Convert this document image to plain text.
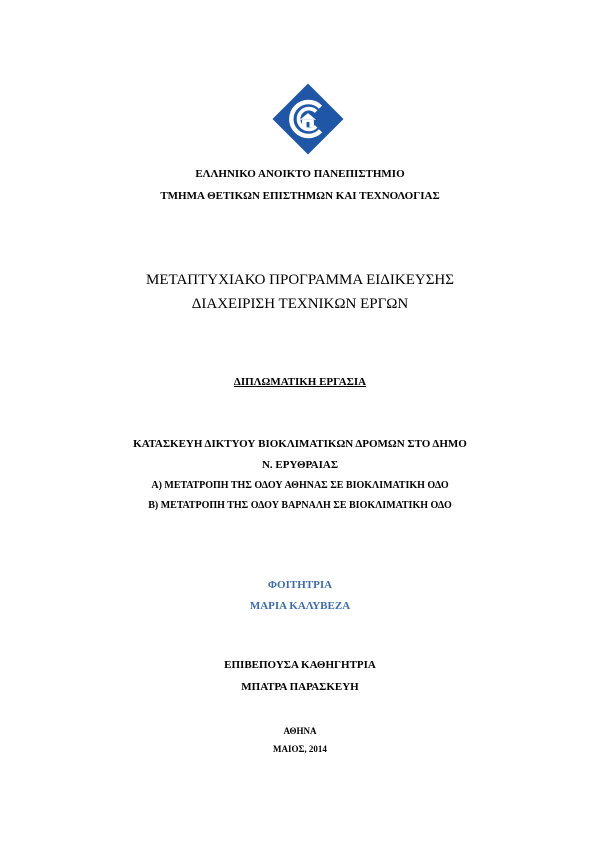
ΕΛΛΗΝΙΚΟ ΑΝΟΙΚΤΟ ΠΑΝΕΠΙΣΤΗΜΙΟ
ΤΜΗΜΑ ΘΕΤΙΚΩΝ ΕΠΙΣΤΗΜΩΝ ΚΑΙ ΤΕΧΝΟΛΟΓΙΑΣ
ΜΕΤΑΠΤΥΧΙΑΚΟ ΠΡΟΓΡΑΜΜΑ ΕΙΔΙΚΕΥΣΗΣ
ΔΙΑΧΕΙΡΙΣΗ ΤΕΧΝΙΚΩΝ ΕΡΓΩΝ
ΔΙΠΛΩΜΑΤΙΚΗ ΕΡΓΑΣΙΑ
ΚΑΤΑΣΚΕΥΗ ΔΙΚΤΥΟΥ ΒΙΟΚΛΙΜΑΤΙΚΩΝ ΔΡΟΜΩΝ ΣΤΟ ΔΗΜΟ
Ν. ΕΡΥΘΡΑΙΑΣ
Α) ΜΕΤΑΤΡΟΠΗ ΤΗΣ ΟΔΟΥ ΑΘΗΝΑΣ ΣΕ ΒΙΟΚΛΙΜΑΤΙΚΗ ΟΔΟ
Β) ΜΕΤΑΤΡΟΠΗ ΤΗΣ ΟΔΟΥ ΒΑΡΝΑΛΗ ΣΕ ΒΙΟΚΛΙΜΑΤΙΚΗ ΟΔΟ
ΦΟΙΤΗΤΡΙΑ
ΜΑΡΙΑ ΚΑΛΥΒΕΖΑ
ΕΠΙΒΕΠΟΥΣΑ ΚΑΘΗΓΗΤΡΙΑ
ΜΠΑΤΡΑ ΠΑΡΑΣΚΕΥΗ
ΑΘΗΝΑ
ΜΑΙΟΣ, 2014
